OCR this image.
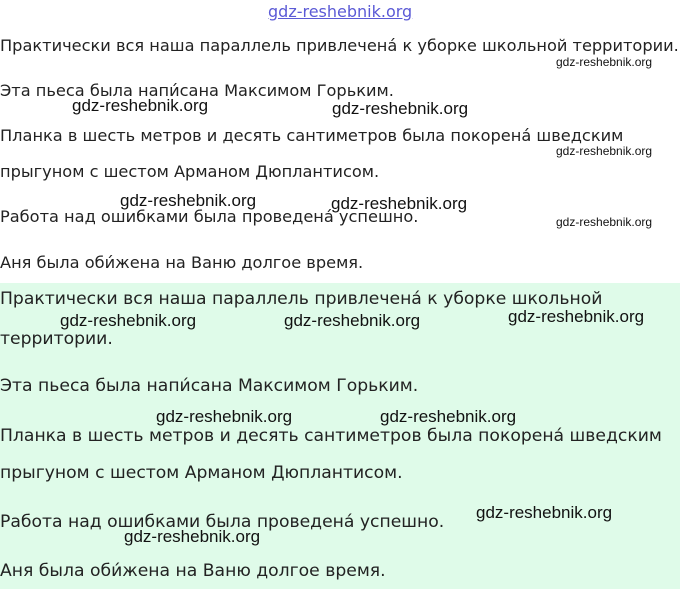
Практически вся наша параллель привлечена́ к уборке школьной территории.
Эта пьеса была напи́сана Максимом Горьким.
Планка в шесть метров и десять сантиметров была покорена́ шведским
прыгуном с шестом Арманом Дюплантисом.
Работа над ошибками была проведена́ успешно.
Аня была оби́жена на Ваню долгое время.
Практически вся наша параллель привлечена́ к уборке школьной
территории.
Эта пьеса была напи́сана Максимом Горьким.
Планка в шесть метров и десять сантиметров была покорена́ шведским
прыгуном с шестом Арманом Дюплантисом.
Работа над ошибками была проведена́ успешно.
Аня была оби́жена на Ваню долгое время.
gdz-reshebnik.org
gdz-reshebnik.org
gdz-reshebnik.org	gdz-reshebnik.org
gdz-reshebnik.org
gdz-reshebnik.org	gdz-reshebnik.org
gdz-reshebnik.org
gdz-reshebnik.org	gdz-reshebnik.org	gdz-reshebnik.org
gdz-reshebnik.org	gdz-reshebnik.org
gdz-reshebnik.org
gdz-reshebnik.org
